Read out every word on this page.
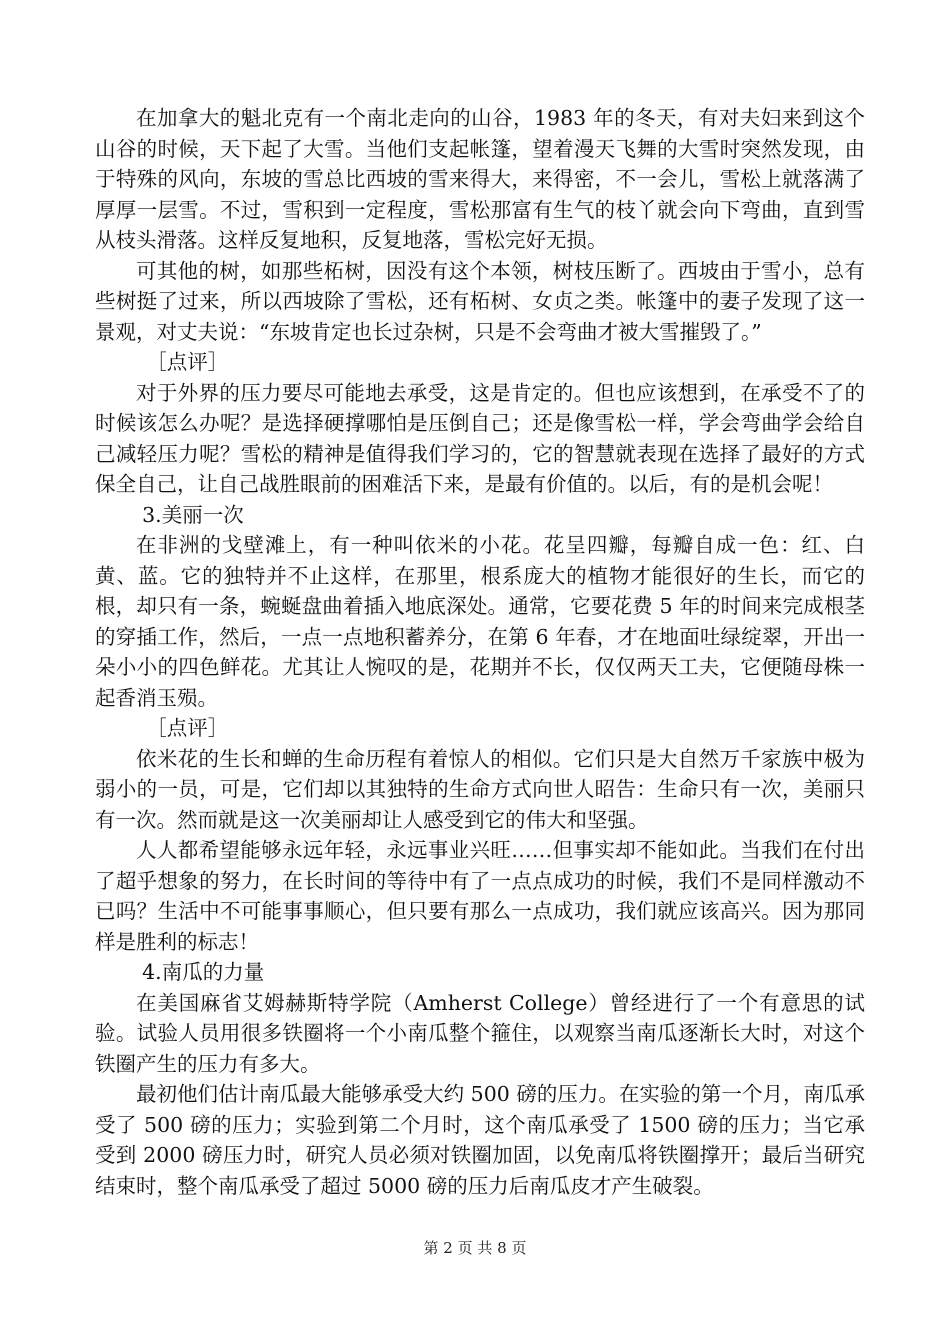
在加拿大的魁北克有一个南北走向的山谷，1983 年的冬天，有对夫妇来到这个山谷的时候，天下起了大雪。当他们支起帐篷，望着漫天飞舞的大雪时突然发现，由于特殊的风向，东坡的雪总比西坡的雪来得大，来得密，不一会儿，雪松上就落满了厚厚一层雪。不过，雪积到一定程度，雪松那富有生气的枝丫就会向下弯曲，直到雪从枝头滑落。这样反复地积，反复地落，雪松完好无损。

可其他的树，如那些柘树，因没有这个本领，树枝压断了。西坡由于雪小，总有些树挺了过来，所以西坡除了雪松，还有柘树、女贞之类。帐篷中的妻子发现了这一景观，对丈夫说：“东坡肯定也长过杂树，只是不会弯曲才被大雪摧毁了。”

［点评］

对于外界的压力要尽可能地去承受，这是肯定的。但也应该想到，在承受不了的时候该怎么办呢？是选择硬撑哪怕是压倒自己；还是像雪松一样，学会弯曲学会给自己减轻压力呢？雪松的精神是值得我们学习的，它的智慧就表现在选择了最好的方式保全自己，让自己战胜眼前的困难活下来，是最有价值的。以后，有的是机会呢！

3.美丽一次

在非洲的戈壁滩上，有一种叫依米的小花。花呈四瓣，每瓣自成一色：红、白黄、蓝。它的独特并不止这样，在那里，根系庞大的植物才能很好的生长，而它的根，却只有一条，蜿蜒盘曲着插入地底深处。通常，它要花费 5 年的时间来完成根茎的穿插工作，然后，一点一点地积蓄养分，在第 6 年春，才在地面吐绿绽翠，开出一朵小小的四色鲜花。尤其让人惋叹的是，花期并不长，仅仅两天工夫，它便随母株一起香消玉殒。

［点评］

依米花的生长和蝉的生命历程有着惊人的相似。它们只是大自然万千家族中极为弱小的一员，可是，它们却以其独特的生命方式向世人昭告：生命只有一次，美丽只有一次。然而就是这一次美丽却让人感受到它的伟大和坚强。

人人都希望能够永远年轻，永远事业兴旺……但事实却不能如此。当我们在付出了超乎想象的努力，在长时间的等待中有了一点点成功的时候，我们不是同样激动不已吗？生活中不可能事事顺心，但只要有那么一点成功，我们就应该高兴。因为那同样是胜利的标志！

4.南瓜的力量

在美国麻省艾姆赫斯特学院（Amherst College）曾经进行了一个有意思的试验。试验人员用很多铁圈将一个小南瓜整个箍住，以观察当南瓜逐渐长大时，对这个铁圈产生的压力有多大。

最初他们估计南瓜最大能够承受大约 500 磅的压力。在实验的第一个月，南瓜承受了 500 磅的压力；实验到第二个月时，这个南瓜承受了 1500 磅的压力；当它承受到 2000 磅压力时，研究人员必须对铁圈加固，以免南瓜将铁圈撑开；最后当研究结束时，整个南瓜承受了超过 5000 磅的压力后南瓜皮才产生破裂。

第 2 页 共 8 页
